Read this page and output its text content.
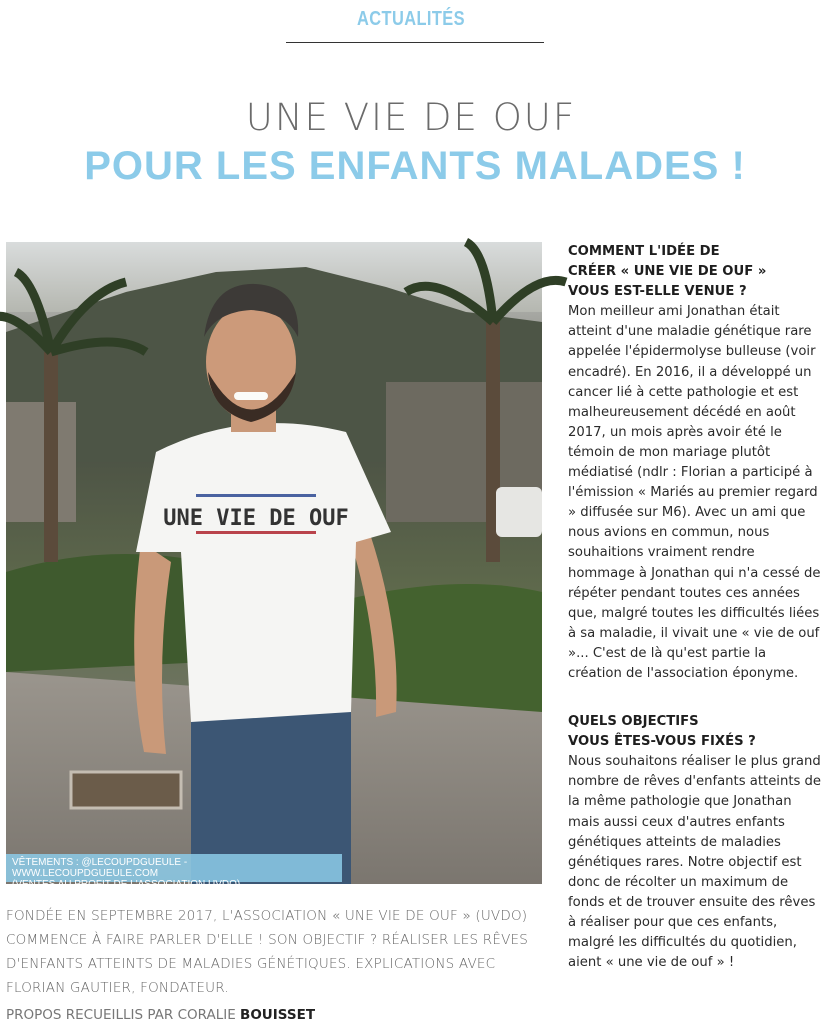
ACTUALITÉS
UNE VIE DE OUF
POUR LES ENFANTS MALADES !
UNE VIE DE OUF
VÊTEMENTS : @LECOUPDGUEULE - WWW.LECOUPDGUEULE.COM
(VENTES AU PROFIT DE L'ASSOCIATION UVDO)
FONDÉE EN SEPTEMBRE 2017, L'ASSOCIATION « UNE VIE DE OUF » (UVDO) COMMENCE À FAIRE PARLER D'ELLE ! SON OBJECTIF ? RÉALISER LES RÊVES D'ENFANTS ATTEINTS DE MALADIES GÉNÉTIQUES. EXPLICATIONS AVEC FLORIAN GAUTIER, FONDATEUR.
PROPOS RECUEILLIS PAR CORALIE BOUISSET
COMMENT L'IDÉE DE
CRÉER « UNE VIE DE OUF »
VOUS EST-ELLE VENUE ?

Mon meilleur ami Jonathan était atteint d'une maladie génétique rare appelée l'épidermolyse bulleuse (voir encadré). En 2016, il a développé un cancer lié à cette pathologie et est malheureusement décédé en août 2017, un mois après avoir été le témoin de mon mariage plutôt médiatisé (ndlr : Florian a participé à l'émission « Mariés au premier regard » diffusée sur M6). Avec un ami que nous avions en commun, nous souhaitions vraiment rendre hommage à Jonathan qui n'a cessé de répéter pendant toutes ces années que, malgré toutes les difficultés liées à sa maladie, il vivait une « vie de ouf »... C'est de là qu'est partie la création de l'association éponyme.

QUELS OBJECTIFS
VOUS ÊTES-VOUS FIXÉS ?

Nous souhaitons réaliser le plus grand nombre de rêves d'enfants atteints de la même pathologie que Jonathan mais aussi ceux d'autres enfants génétiques atteints de maladies génétiques rares. Notre objectif est donc de récolter un maximum de fonds et de trouver ensuite des rêves à réaliser pour que ces enfants, malgré les difficultés du quotidien, aient « une vie de ouf » !
